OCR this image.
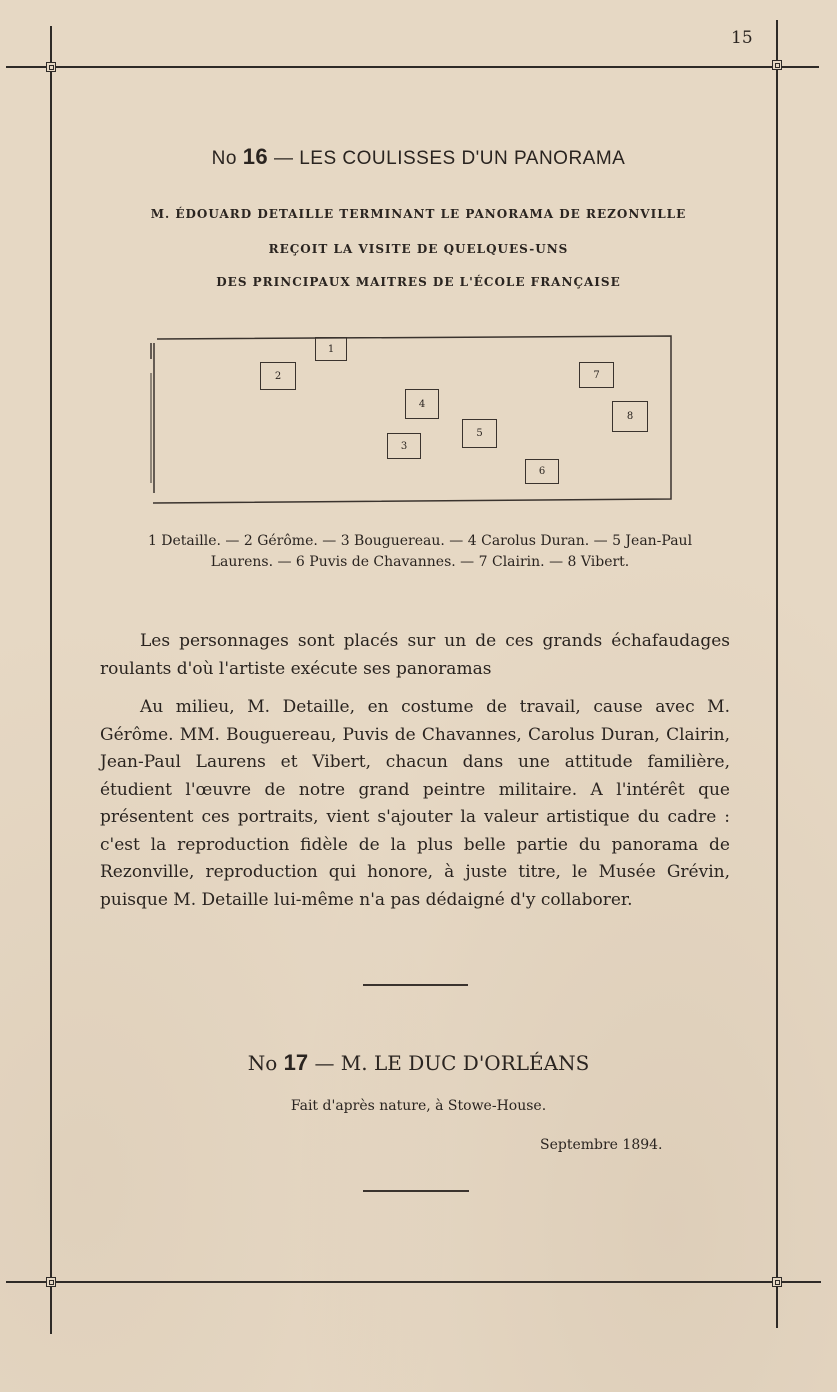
15
No 16 — LES COULISSES D'UN PANORAMA
M. ÉDOUARD DETAILLE TERMINANT LE PANORAMA DE REZONVILLE
REÇOIT LA VISITE DE QUELQUES-UNS
DES PRINCIPAUX MAITRES DE L'ÉCOLE FRANÇAISE
1
2
3
4
5
6
7
8
1 Detaille. — 2 Gérôme. — 3 Bouguereau. — 4 Carolus Duran. — 5 Jean-Paul
Laurens. — 6 Puvis de Chavannes. — 7 Clairin. — 8 Vibert.
Les personnages sont placés sur un de ces grands échafaudages roulants d'où l'artiste exécute ses panoramas
Au milieu, M. Detaille, en costume de travail, cause avec M. Gérôme. MM. Bouguereau, Puvis de Chavannes, Carolus Duran, Clairin, Jean-Paul Laurens et Vibert, chacun dans une attitude familière, étudient l'œuvre de notre grand peintre militaire. A l'intérêt que présentent ces portraits, vient s'ajouter la valeur artistique du cadre : c'est la reproduction fidèle de la plus belle partie du panorama de Rezonville, reproduction qui honore, à juste titre, le Musée Grévin, puisque M. Detaille lui-même n'a pas dédaigné d'y collaborer.
No 17 — M. LE DUC D'ORLÉANS
Fait d'après nature, à Stowe-House.
Septembre 1894.
